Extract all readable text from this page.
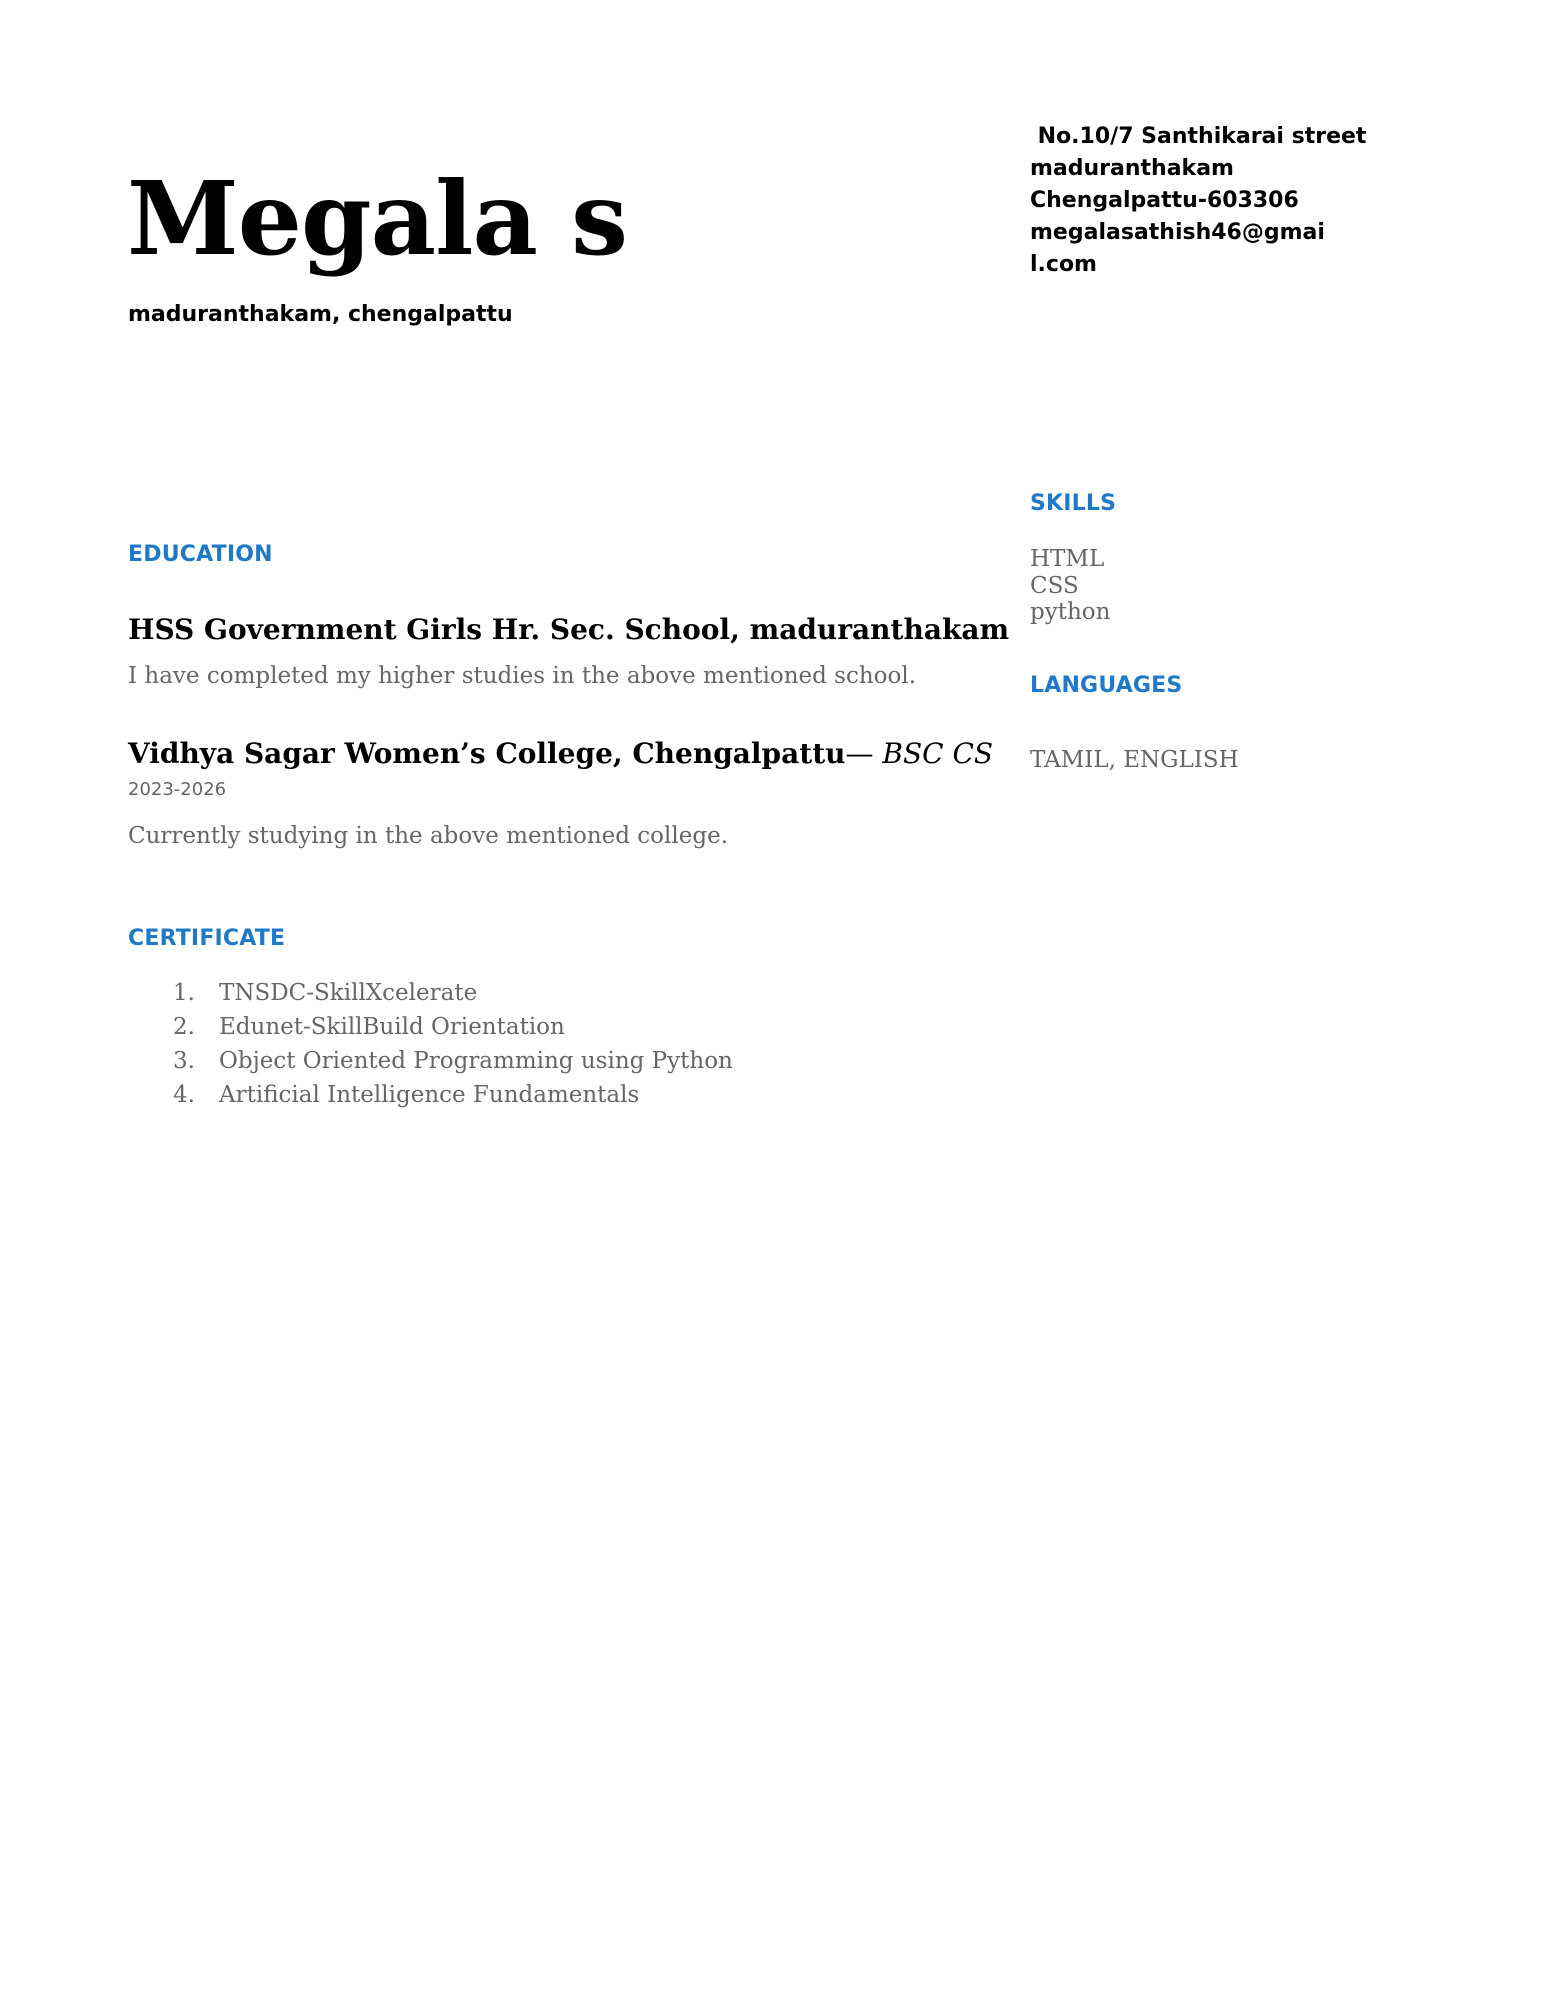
Megala s
maduranthakam, chengalpattu
No.10/7 Santhikarai street
maduranthakam
Chengalpattu-603306
megalasathish46@gmail.com
EDUCATION
HSS Government Girls Hr. Sec. School, maduranthakam
I have completed my higher studies in the above mentioned school.
Vidhya Sagar Women’s College, Chengalpattu— BSC CS
2023-2026
Currently studying in the above mentioned college.
CERTIFICATE
1.	TNSDC-SkillXcelerate
2.	Edunet-SkillBuild Orientation
3.	Object Oriented Programming using Python
4.	Artificial Intelligence Fundamentals
SKILLS
HTML
CSS
python
LANGUAGES
TAMIL, ENGLISH
